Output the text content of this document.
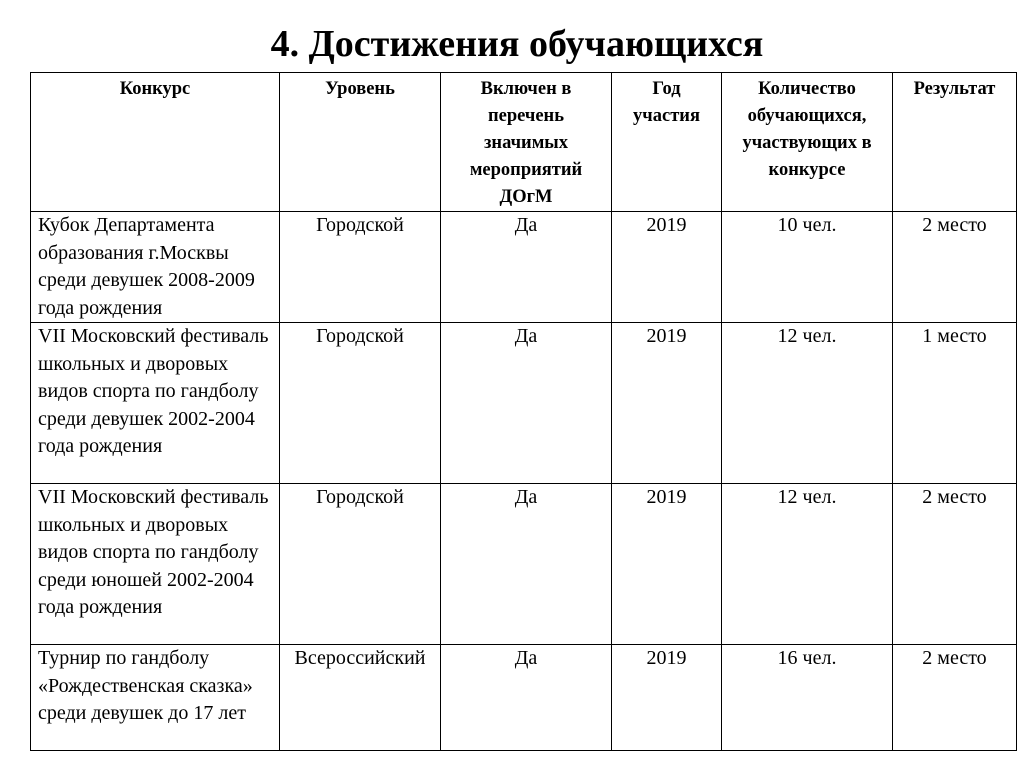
4. Достижения обучающихся
Конкурс	Уровень	Включен в перечень значимых мероприятий ДОгМ	Год участия	Количество обучающихся, участвующих в конкурсе	Результат
Кубок Департамента образования г.Москвы среди девушек 2008-2009 года рождения	Городской	Да	2019	10 чел.	2 место
VII Московский фестиваль школьных и дворовых видов спорта по гандболу среди девушек 2002-2004 года рождения	Городской	Да	2019	12 чел.	1 место
VII Московский фестиваль школьных и дворовых видов спорта по гандболу среди юношей 2002-2004 года рождения	Городской	Да	2019	12 чел.	2 место
Турнир по гандболу «Рождественская сказка» среди девушек до 17 лет	Всероссийский	Да	2019	16 чел.	2 место
